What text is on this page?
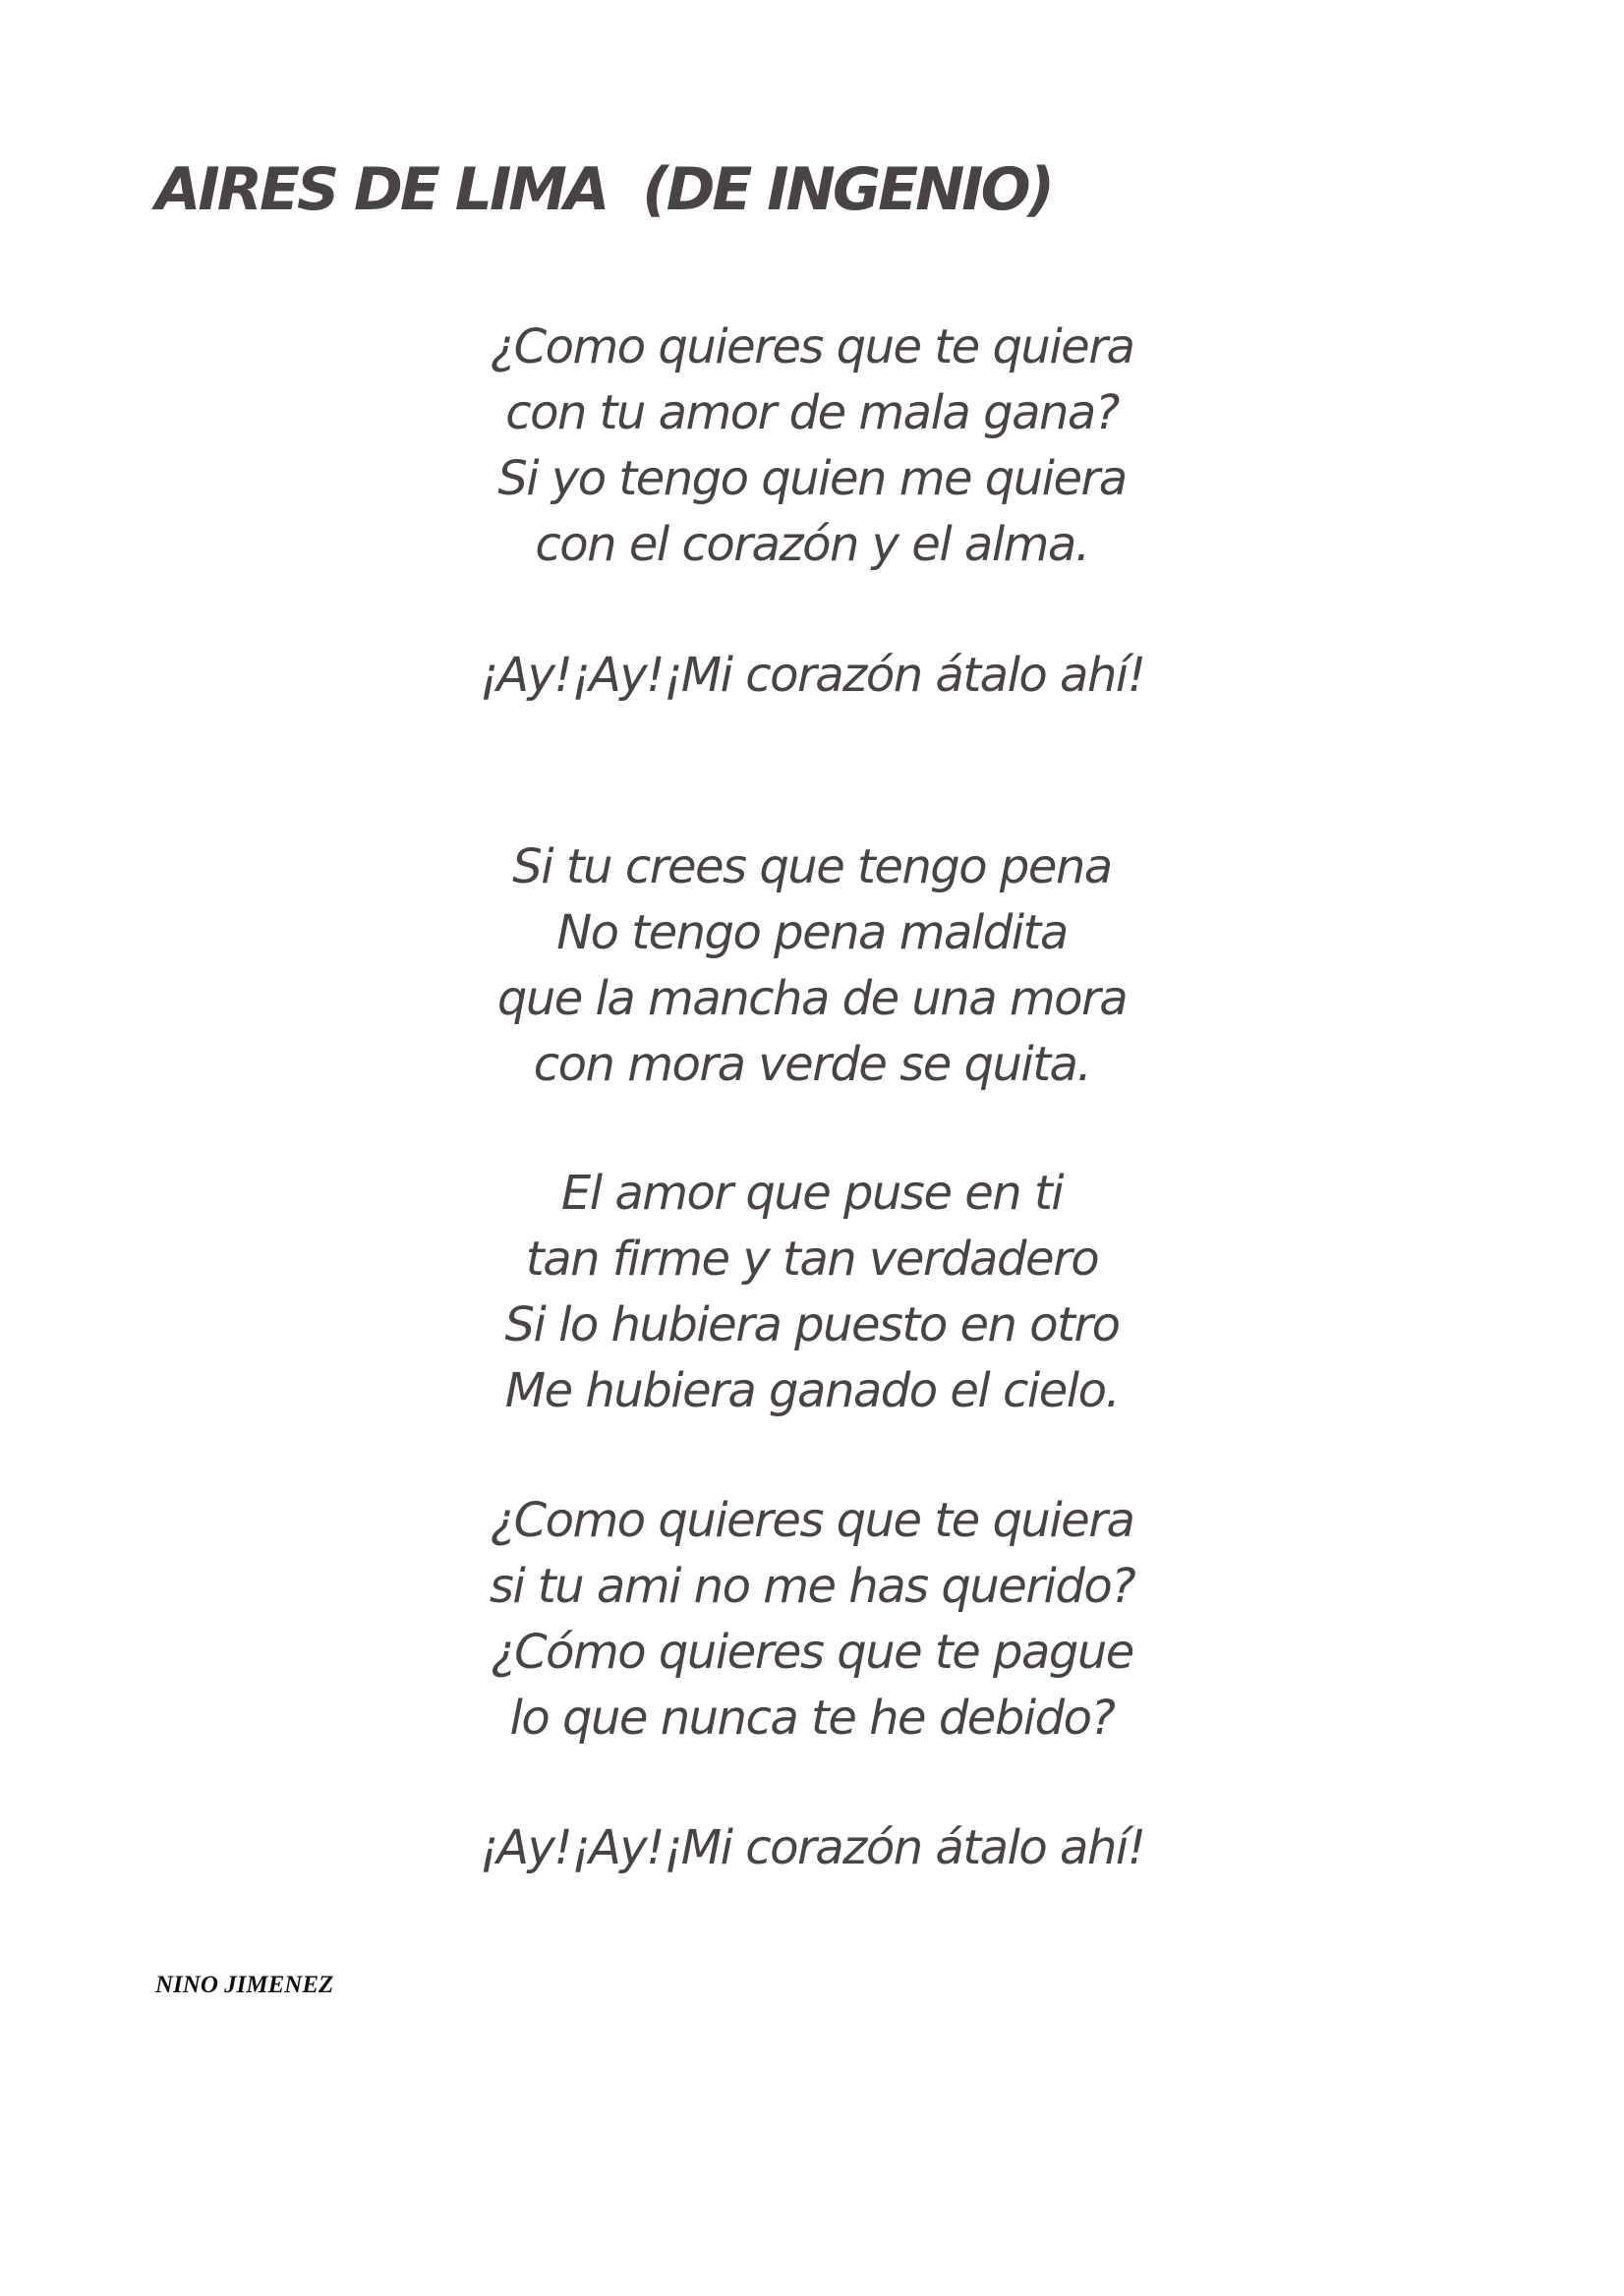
AIRES DE LIMA  (DE INGENIO)
¿Como quieres que te quiera
con tu amor de mala gana?
Si yo tengo quien me quiera
con el corazón y el alma.
¡Ay!¡Ay!¡Mi corazón átalo ahí!
Si tu crees que tengo pena
No tengo pena maldita
que la mancha de una mora
con mora verde se quita.
El amor que puse en ti
tan firme y tan verdadero
Si lo hubiera puesto en otro
Me hubiera ganado el cielo.
¿Como quieres que te quiera
si tu ami no me has querido?
¿Cómo quieres que te pague
lo que nunca te he debido?
¡Ay!¡Ay!¡Mi corazón átalo ahí!

NINO JIMENEZ
